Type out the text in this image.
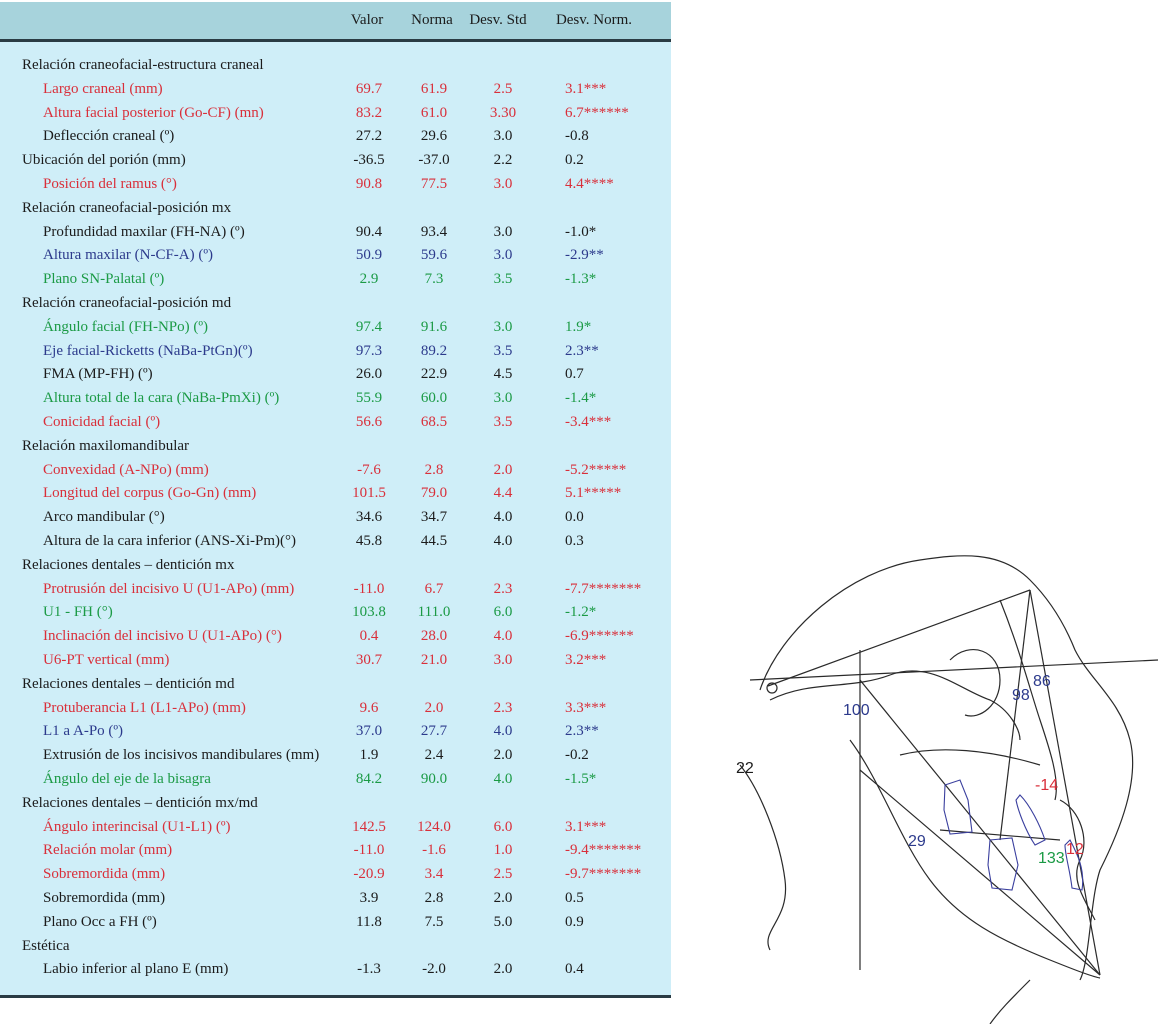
Valor Norma Desv. Std Desv. Norm.
Relación craneofacial-estructura craneal
Largo craneal (mm)	69.7	61.9	2.5	3.1***
Altura facial posterior (Go-CF) (mn)	83.2	61.0	3.30	6.7******
Deflección craneal (º)	27.2	29.6	3.0	-0.8
Ubicación del porión (mm)	-36.5 -37.0	2.2	0.2
Posición del ramus (°)	90.8	77.5	3.0	4.4****
Relación craneofacial-posición mx
Profundidad maxilar (FH-NA) (º)	90.4	93.4	3.0	-1.0*
Altura maxilar (N-CF-A) (º)	50.9	59.6	3.0	-2.9**
Plano SN-Palatal (º)	2.9	7.3	3.5	-1.3*
Relación craneofacial-posición md
Ángulo facial (FH-NPo) (º)	97.4	91.6	3.0	1.9*
Eje facial-Ricketts (NaBa-PtGn)(º)	97.3	89.2	3.5	2.3**
FMA (MP-FH) (º)	26.0	22.9	4.5	0.7
Altura total de la cara (NaBa-PmXi) (º)	55.9	60.0	3.0	-1.4*
Conicidad facial (º)	56.6	68.5	3.5	-3.4***
Relación maxilomandibular
Convexidad (A-NPo) (mm)	-7.6	2.8	2.0	-5.2*****
Longitud del corpus (Go-Gn) (mm)	101.5 79.0	4.4	5.1*****
Arco mandibular (°)	34.6	34.7	4.0	0.0
Altura de la cara inferior (ANS-Xi-Pm)(°)	45.8	44.5	4.0	0.3
Relaciones dentales – dentición mx
Protrusión del incisivo U (U1-APo) (mm)	-11.0	6.7	2.3	-7.7*******
U1 - FH (°)	103.8 111.0	6.0	-1.2*
Inclinación del incisivo U (U1-APo) (°)	0.4	28.0	4.0	-6.9******
U6-PT vertical (mm)	30.7	21.0	3.0	3.2***
Relaciones dentales – dentición md
Protuberancia L1 (L1-APo) (mm)	9.6	2.0	2.3	3.3***
L1 a A-Po (º)	37.0	27.7	4.0	2.3**
Extrusión de los incisivos mandibulares (mm)	1.9	2.4	2.0	-0.2
Ángulo del eje de la bisagra	84.2	90.0	4.0	-1.5*
Relaciones dentales – dentición mx/md
Ángulo interincisal (U1-L1) (º)	142.5 124.0	6.0	3.1***
Relación molar (mm)	-11.0	-1.6	1.0	-9.4*******
Sobremordida (mm)	-20.9	3.4	2.5	-9.7*******
Sobremordida (mm)	3.9	2.8	2.0	0.5
Plano Occ a FH (º)	11.8	7.5	5.0	0.9
Estética
Labio inferior al plano E (mm)	-1.3	-2.0	2.0	0.4
100
98
86
22
-14
29
133
12
